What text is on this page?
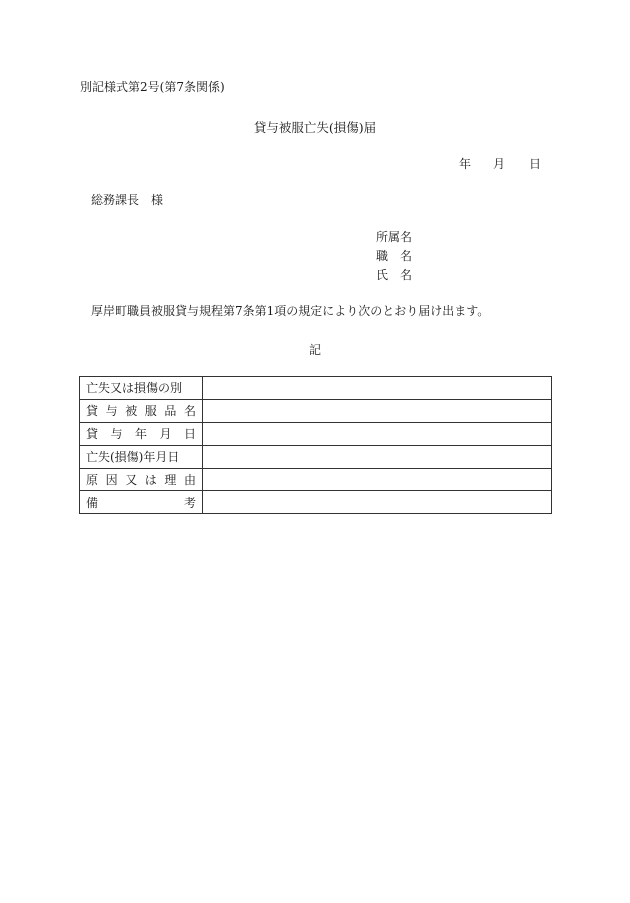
別記様式第2号(第7条関係)
貸与被服亡失(損傷)届
年 月 日
総務課長　様
所属名
職　名
氏　名
厚岸町職員被服貸与規程第7条第1項の規定により次のとおり届け出ます。
記
亡失又は損傷の別	

貸 与 被 服 品 名	

貸 与 年 月 日	

亡失(損傷)年月日	

原 因 又 は 理 由	

備　　　考	
